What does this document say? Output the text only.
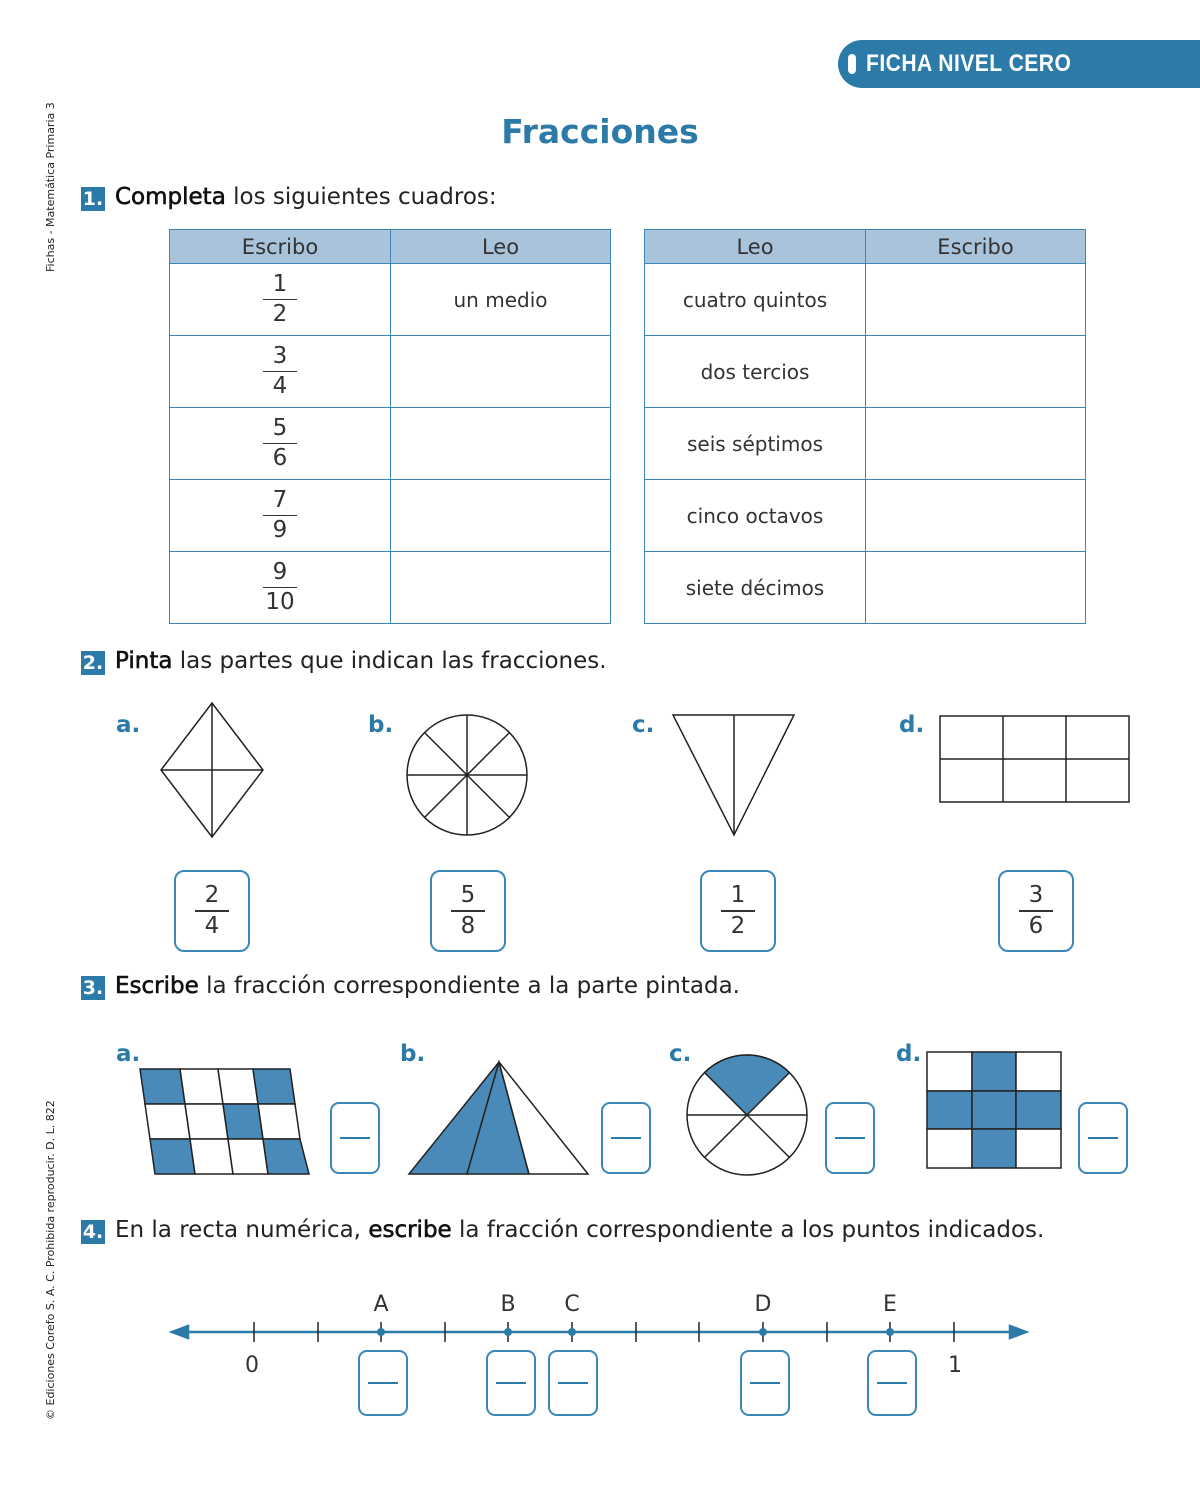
FICHA NIVEL CERO
Fichas - Matemática Primaria 3
© Ediciones Corefo S. A. C. Prohibida reproducir. D. L. 822
Fracciones
1. Completa los siguientes cuadros:
Escribo	Leo

$\frac{1}{2}$	un medio

$\frac{3}{4}$

$\frac{5}{6}$

$\frac{7}{9}$

$\frac{9}{10}$

Leo	Escribo
cuatro quintos	
dos tercios	
seis séptimos	
cinco octavos	
siete décimos	
2. Pinta las partes que indican las fracciones.
a.	b.	c.	d.
$\frac{2}{4}$	$\frac{5}{8}$	$\frac{1}{2}$	$\frac{3}{6}$
3. Escribe la fracción correspondiente a la parte pintada.
a.	b.	c.	d.
4. En la recta numérica, escribe la fracción correspondiente a los puntos indicados.
A	B	C	D	E
0	1
